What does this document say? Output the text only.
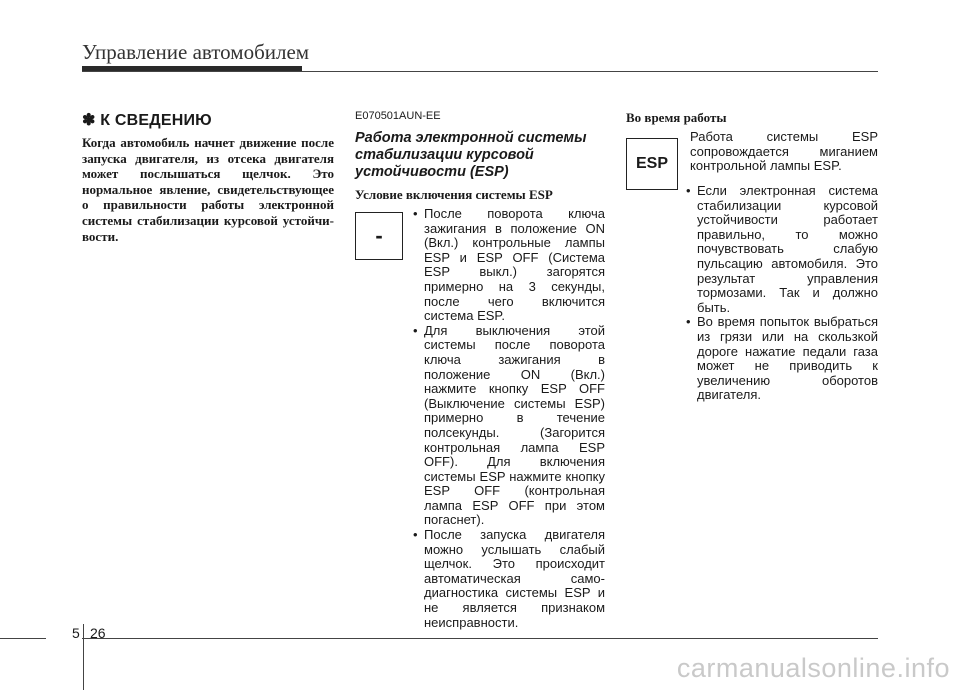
Управление автомобилем

✽ К СВЕДЕНИЮ

Когда автомобиль начнет движение после запуска двигателя, из отсека двигателя может послышаться щелчок. Это нормальное явление, свидетельствующее о правильности работы электронной системы стабилизации курсовой устойчи- вости.

E070501AUN-EE

Работа электронной системы стабилизации курсовой устойчивости (ESP)

Условие включения системы ESP

-
• После поворота ключа зажигания в положение ON (Вкл.) контрольные лампы ESP и ESP OFF (Система ESP выкл.) загорятся примерно на 3 секунды, после чего включится система ESP.
• Для выключения этой системы после поворота ключа зажигания в положение ON (Вкл.) нажмите кнопку ESP OFF (Выключение системы ESP) примерно в течение полсекунды. (Загорится контрольная лампа ESP OFF). Для включения системы ESP нажмите кнопку ESP OFF (контрольная лампа ESP OFF при этом погаснет).
• После запуска двигателя можно услышать слабый щелчок. Это происходит автоматическая само- диагностика системы ESP и не является признаком неисправности.

Во время работы

ESP

Работа системы ESP сопровождается миганием контрольной лампы ESP.

• Если электронная система стабилизации курсовой устойчивости работает правильно, то можно почувствовать слабую пульсацию автомобиля. Это результат управления тормозами. Так и должно быть.
• Во время попыток выбраться из грязи или на скользкой дороге нажатие педали газа может не приводить к увеличению оборотов двигателя.
5 26
carmanualsonline.info
